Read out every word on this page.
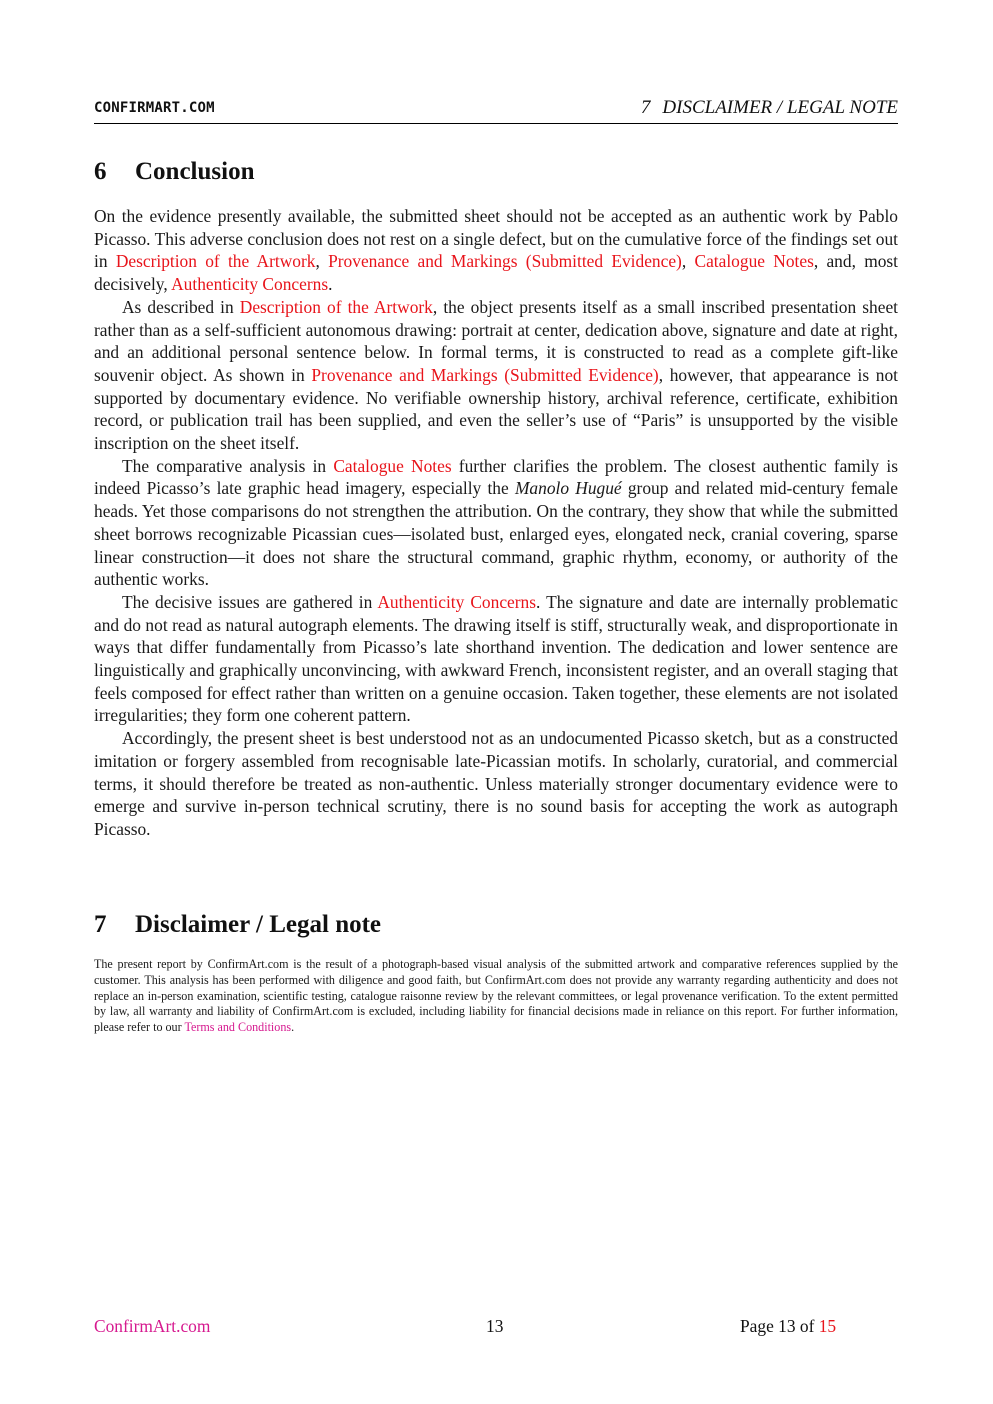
CONFIRMART.COM	7 DISCLAIMER / LEGAL NOTE
6 Conclusion

On the evidence presently available, the submitted sheet should not be accepted as an authentic work by Pablo Picasso. This adverse conclusion does not rest on a single defect, but on the cumulative force of the findings set out in Description of the Artwork, Provenance and Markings (Submitted Evidence), Catalogue Notes, and, most decisively, Authenticity Concerns.

As described in Description of the Artwork, the object presents itself as a small inscribed presentation sheet rather than as a self-sufficient autonomous drawing: portrait at center, dedication above, signature and date at right, and an additional personal sentence below. In formal terms, it is constructed to read as a complete gift-like souvenir object. As shown in Provenance and Markings (Submitted Evidence), however, that appearance is not supported by documentary evidence. No verifiable ownership history, archival reference, certificate, exhibition record, or publication trail has been supplied, and even the seller’s use of “Paris” is unsupported by the visible inscription on the sheet itself.

The comparative analysis in Catalogue Notes further clarifies the problem. The closest authentic family is indeed Picasso’s late graphic head imagery, especially the Manolo Hugué group and related mid-century female heads. Yet those comparisons do not strengthen the attribution. On the contrary, they show that while the submitted sheet borrows recognizable Picassian cues—isolated bust, enlarged eyes, elongated neck, cranial covering, sparse linear construction—it does not share the structural command, graphic rhythm, economy, or authority of the authentic works.

The decisive issues are gathered in Authenticity Concerns. The signature and date are internally problematic and do not read as natural autograph elements. The drawing itself is stiff, structurally weak, and disproportionate in ways that differ fundamentally from Picasso’s late shorthand invention. The dedication and lower sentence are linguistically and graphically unconvincing, with awkward French, inconsistent register, and an overall staging that feels composed for effect rather than written on a genuine occasion. Taken together, these elements are not isolated irregularities; they form one coherent pattern.

Accordingly, the present sheet is best understood not as an undocumented Picasso sketch, but as a constructed imitation or forgery assembled from recognisable late-Picassian motifs. In scholarly, curatorial, and commercial terms, it should therefore be treated as non-authentic. Unless materially stronger documentary evidence were to emerge and survive in-person technical scrutiny, there is no sound basis for accepting the work as autograph Picasso.

7 Disclaimer / Legal note

The present report by ConfirmArt.com is the result of a photograph-based visual analysis of the submitted artwork and comparative references supplied by the customer. This analysis has been performed with diligence and good faith, but ConfirmArt.com does not provide any warranty regarding authenticity and does not replace an in-person examination, scientific testing, catalogue raisonne review by the relevant committees, or legal provenance verification. To the extent permitted by law, all warranty and liability of ConfirmArt.com is excluded, including liability for financial decisions made in reliance on this report. For further information, please refer to our Terms and Conditions.

ConfirmArt.com	13	Page 13 of 15
